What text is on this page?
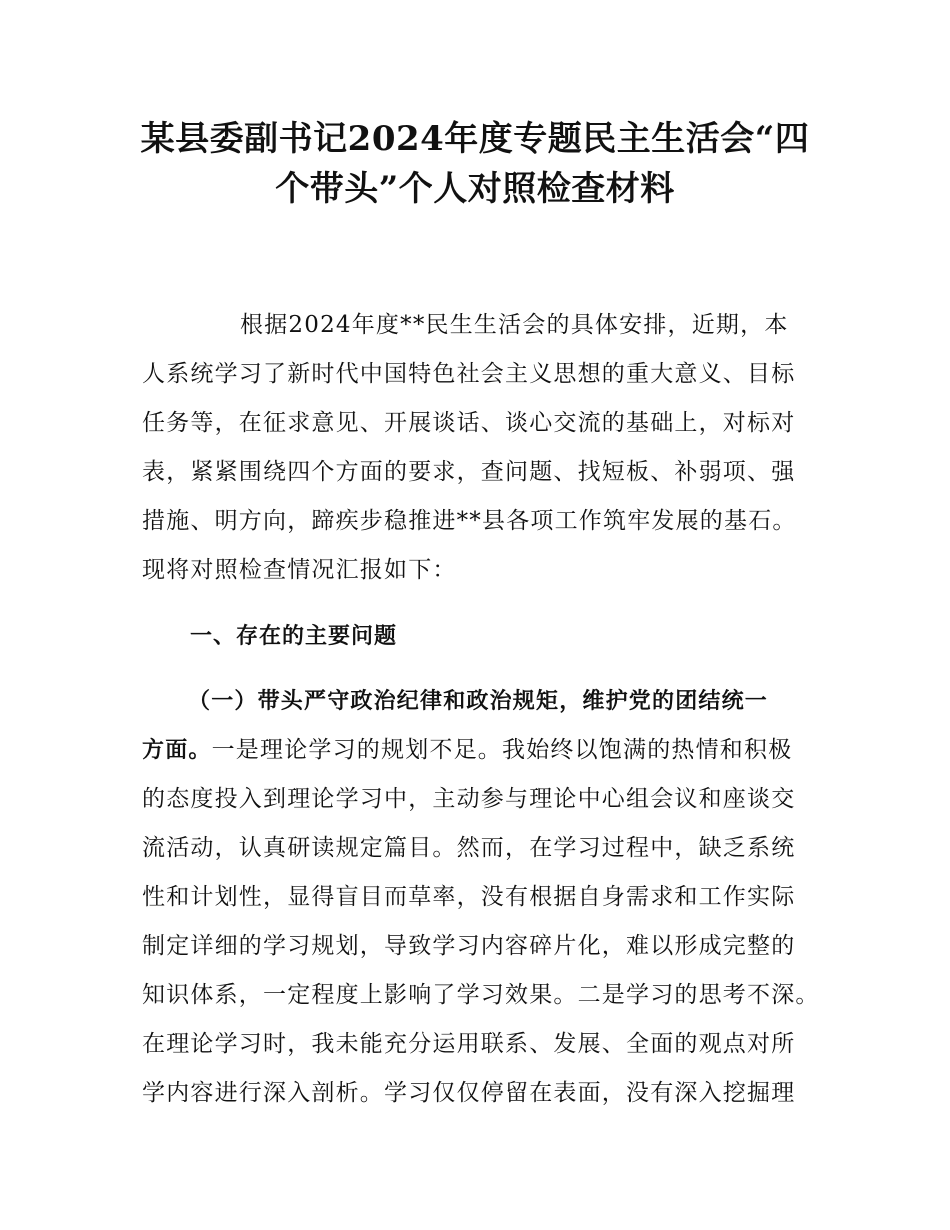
某县委副书记2024年度专题民主生活会“四
个带头”个人对照检查材料

根据2024年度**民生生活会的具体安排，近期，本
人系统学习了新时代中国特色社会主义思想的重大意义、目标
任务等，在征求意见、开展谈话、谈心交流的基础上，对标对
表，紧紧围绕四个方面的要求，查问题、找短板、补弱项、强
措施、明方向，蹄疾步稳推进**县各项工作筑牢发展的基石。
现将对照检查情况汇报如下：

一、存在的主要问题

（一）带头严守政治纪律和政治规矩，维护党的团结统一
方面。一是理论学习的规划不足。我始终以饱满的热情和积极
的态度投入到理论学习中，主动参与理论中心组会议和座谈交
流活动，认真研读规定篇目。然而，在学习过程中，缺乏系统
性和计划性，显得盲目而草率，没有根据自身需求和工作实际
制定详细的学习规划，导致学习内容碎片化，难以形成完整的
知识体系，一定程度上影响了学习效果。二是学习的思考不深。
在理论学习时，我未能充分运用联系、发展、全面的观点对所
学内容进行深入剖析。学习仅仅停留在表面，没有深入挖掘理
